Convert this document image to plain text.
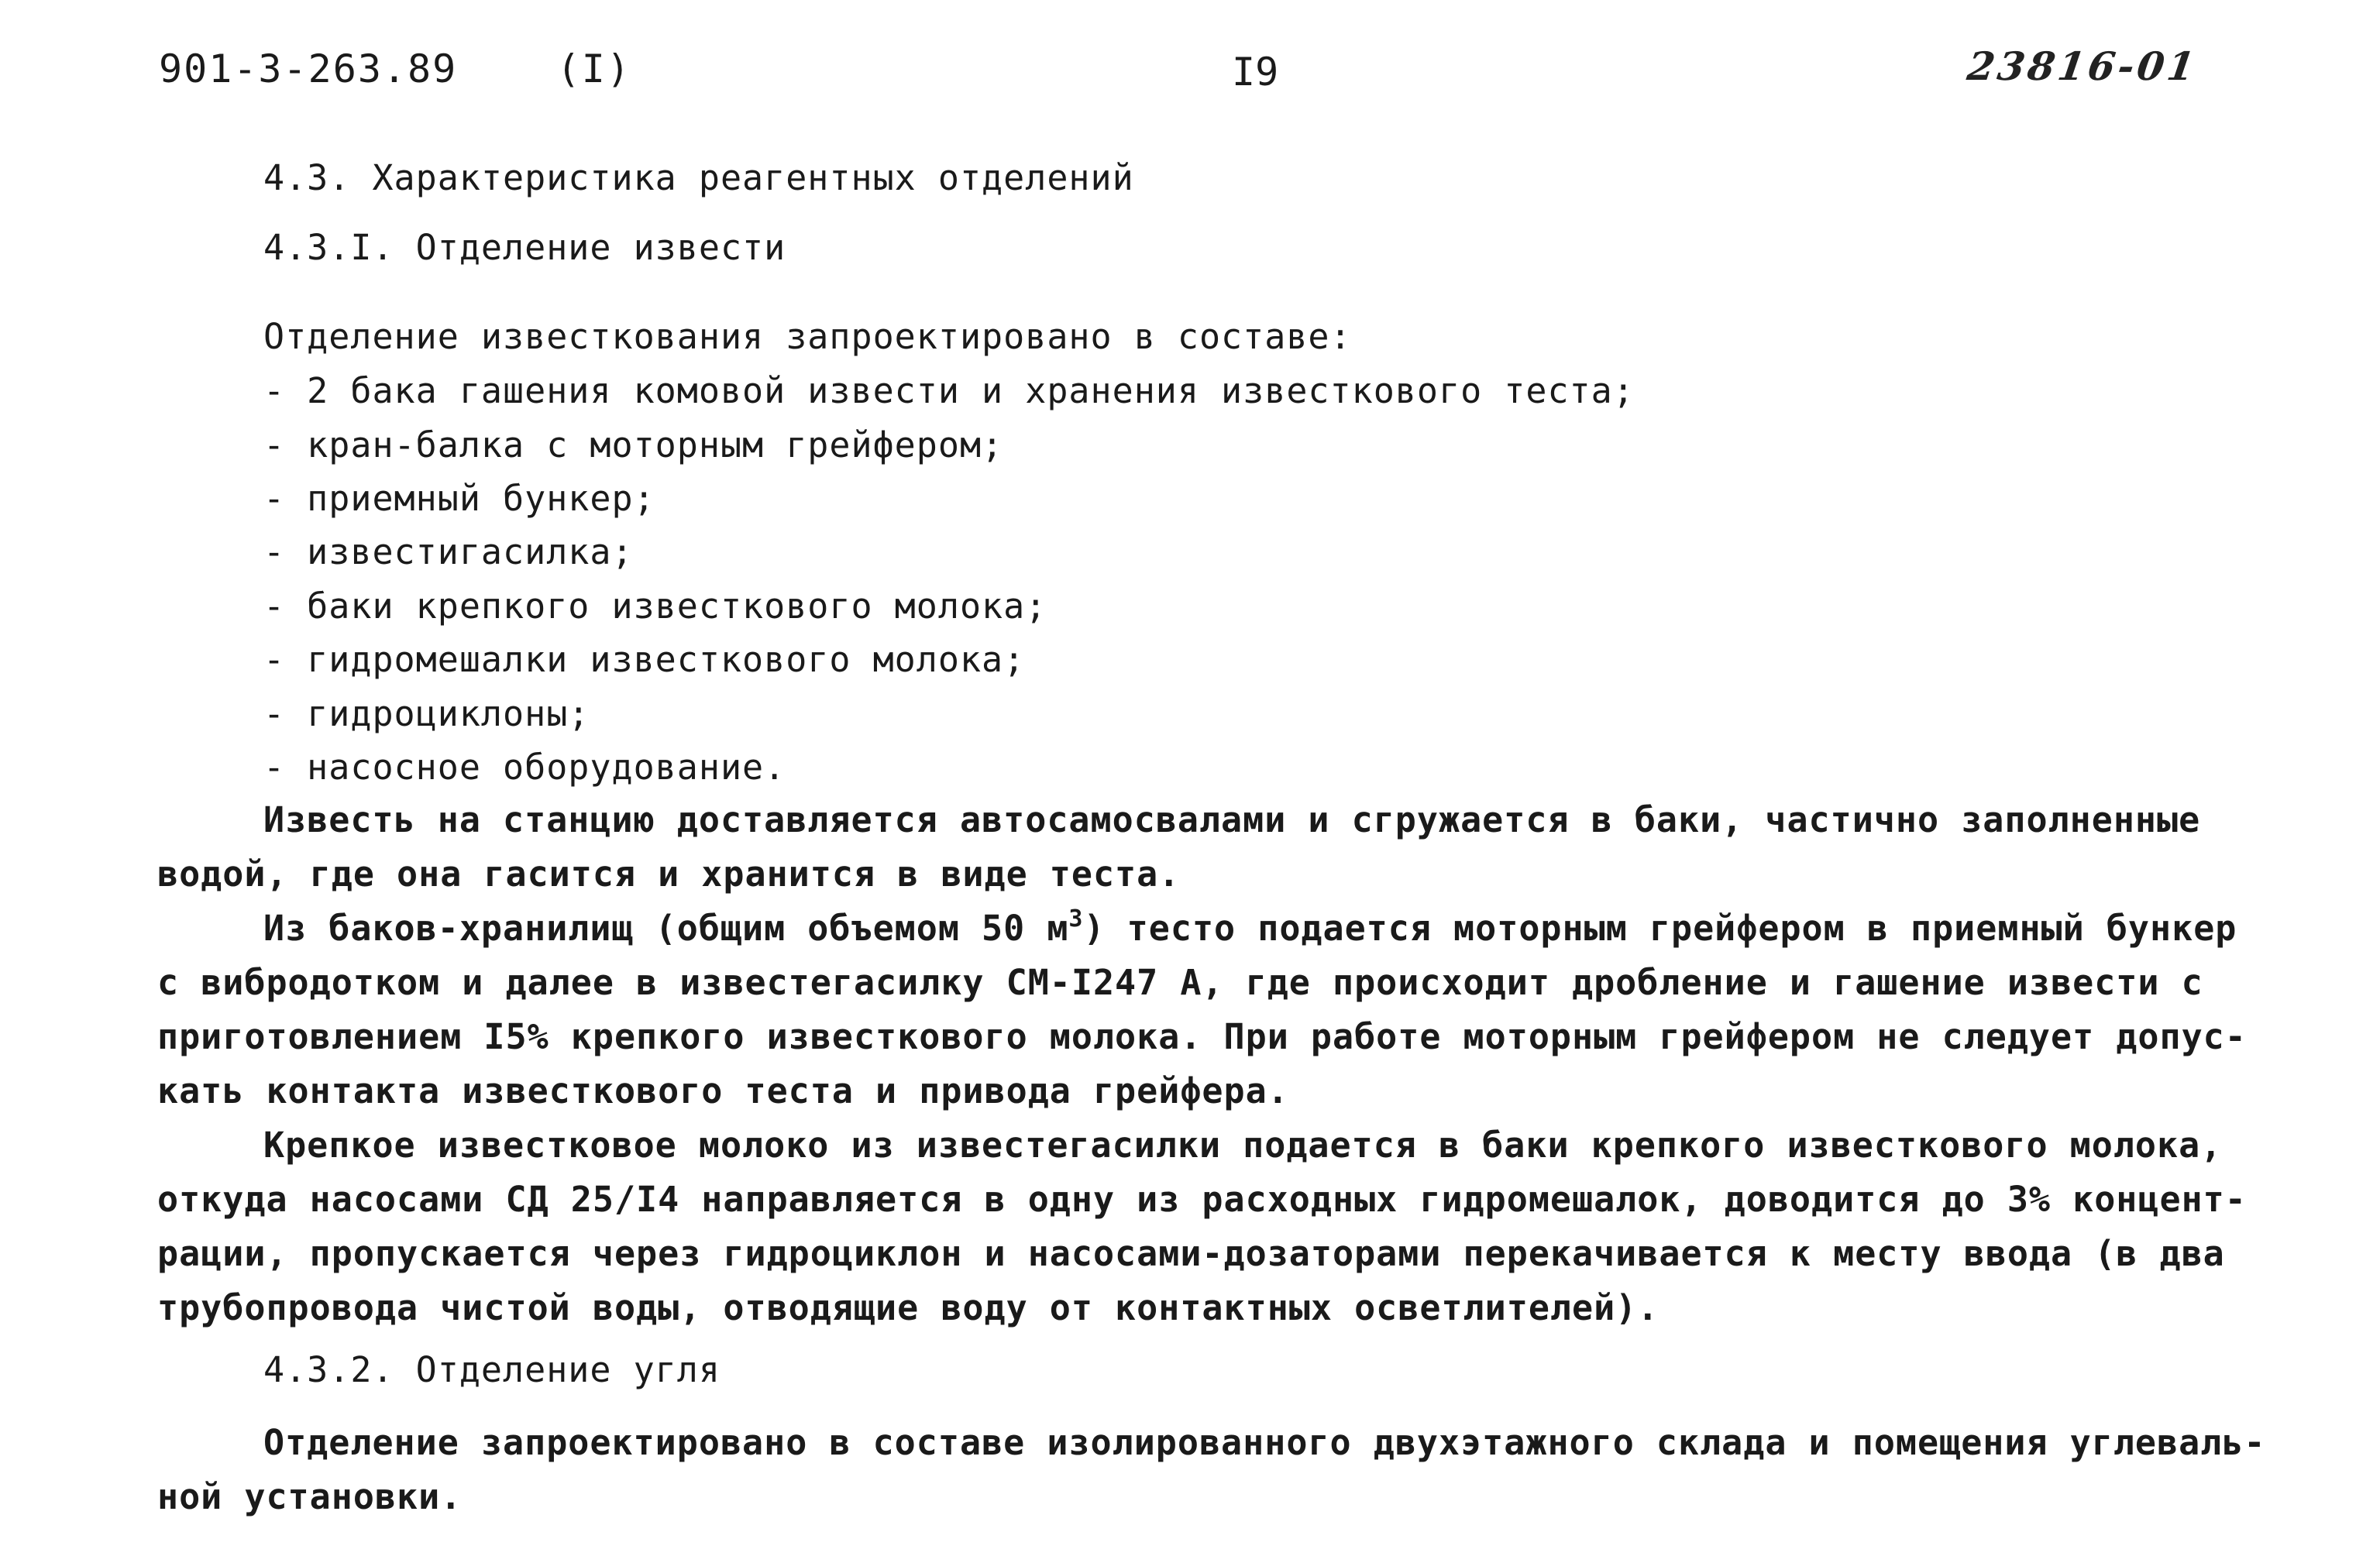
901-3-263.89	(I)	I9	23816-01
4.3. Характеристика реагентных отделений
4.3.I. Отделение извести
Отделение известкования запроектировано в составе:
- 2 бака гашения комовой извести и хранения известкового теста;
- кран-балка с моторным грейфером;
- приемный бункер;
- известигасилка;
- баки крепкого известкового молока;
- гидромешалки известкового молока;
- гидроциклоны;
- насосное оборудование.
Известь на станцию доставляется автосамосвалами и сгружается в баки, частично заполненные
водой, где она гасится и хранится в виде теста.
Из баков-хранилищ (общим объемом 50 $м^3$) тесто подается моторным грейфером в приемный бункер
с вибродотком и далее в известегасилку СМ-I247 А, где происходит дробление и гашение извести с
приготовлением I5% крепкого известкового молока. При работе моторным грейфером не следует допус-
кать контакта известкового теста и привода грейфера.
Крепкое известковое молоко из известегасилки подается в баки крепкого известкового молока,
откуда насосами СД 25/I4 направляется в одну из расходных гидромешалок, доводится до 3% концент-
рации, пропускается через гидроциклон и насосами-дозаторами перекачивается к месту ввода (в два
трубопровода чистой воды, отводящие воду от контактных осветлителей).
4.3.2. Отделение угля
Отделение запроектировано в составе изолированного двухэтажного склада и помещения углеваль-
ной установки.
